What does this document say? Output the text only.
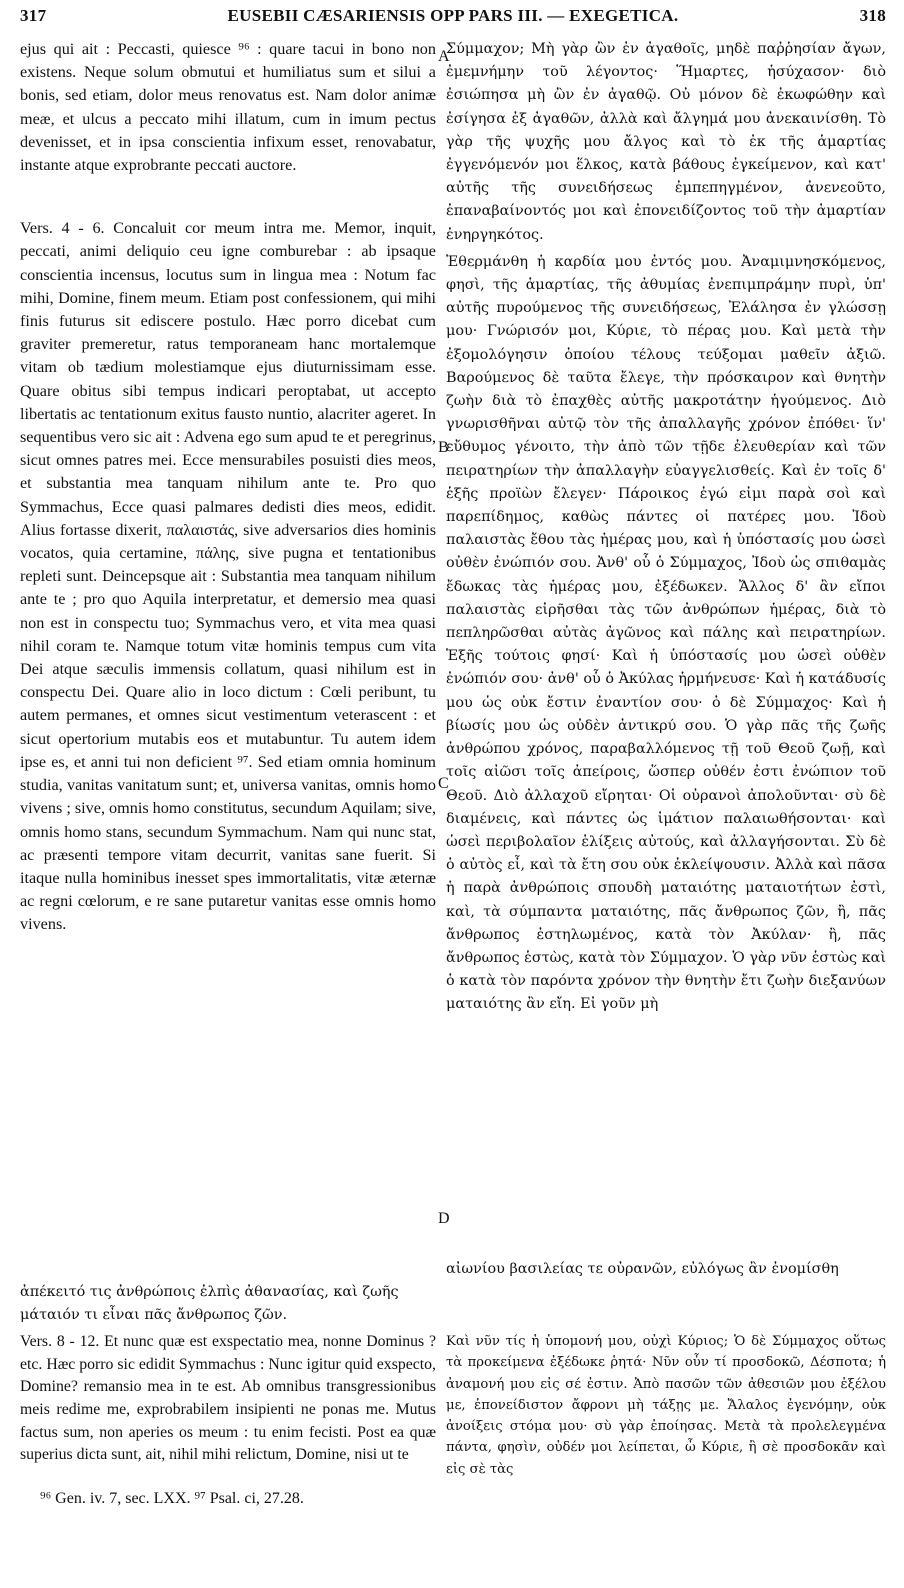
317	EUSEBII CÆSARIENSIS OPP PARS III. — EXEGETICA.	318

ejus qui ait : Peccasti, quiesce ⁹⁶ : quare tacui in bono non existens. Neque solum obmutui et humiliatus sum et silui a bonis, sed etiam, dolor meus renovatus est. Nam dolor animæ meæ, et ulcus a peccato mihi illatum, cum in imum pectus devenisset, et in ipsa conscientia infixum esset, renovabatur, instante atque exprobrante peccati auctore.

Vers. 4 - 6. Concaluit cor meum intra me. Memor, inquit, peccati, animi deliquio ceu igne comburebar : ab ipsaque conscientia incensus, locutus sum in lingua mea : Notum fac mihi, Domine, finem meum. Etiam post confessionem, qui mihi finis futurus sit ediscere postulo. Hæc porro dicebat cum graviter premeretur, ratus temporaneam hanc mortalemque vitam ob tædium molestiamque ejus diuturnissimam esse. Quare obitus sibi tempus indicari peroptabat, ut accepto libertatis ac tentationum exitus fausto nuntio, alacriter ageret. In sequentibus vero sic ait : Advena ego sum apud te et peregrinus, sicut omnes patres mei. Ecce mensurabiles posuisti dies meos, et substantia mea tanquam nihilum ante te. Pro quo Symmachus, Ecce quasi palmares dedisti dies meos, edidit. Alius fortasse dixerit, παλαιστάς, sive adversarios dies hominis vocatos, quia certamine, πάλης, sive pugna et tentationibus repleti sunt. Deincepsque ait : Substantia mea tanquam nihilum ante te ; pro quo Aquila interpretatur, et demersio mea quasi non est in conspectu tuo; Symmachus vero, et vita mea quasi nihil coram te. Namque totum vitæ hominis tempus cum vita Dei atque sæculis immensis collatum, quasi nihilum est in conspectu Dei. Quare alio in loco dictum : Cœli peribunt, tu autem permanes, et omnes sicut vestimentum veterascent : et sicut opertorium mutabis eos et mutabuntur. Tu autem idem ipse es, et anni tui non deficient ⁹⁷. Sed etiam omnia hominum studia, vanitas vanitatum sunt; et, universa vanitas, omnis homo vivens ; sive, omnis homo constitutus, secundum Aquilam; sive, omnis homo stans, secundum Symmachum. Nam qui nunc stat, ac præsenti tempore vitam decurrit, vanitas sane fuerit. Si itaque nulla hominibus inesset spes immortalitatis, vitæ æternæ ac regni cœlorum, e re sane putaretur vanitas esse omnis homo vivens.

Σύμμαχον; Μὴ γὰρ ὢν ἐν ἀγαθοῖς, μηδὲ παῤῥησίαν ἄγων, ἐμεμνήμην τοῦ λέγοντος· Ἥμαρτες, ἡσύχασον· διὸ ἐσιώπησα μὴ ὢν ἐν ἀγαθῷ. Οὐ μόνον δὲ ἐκωφώθην καὶ ἐσίγησα ἐξ ἀγαθῶν, ἀλλὰ καὶ ἄλγημά μου ἀνεκαινίσθη. Τὸ γὰρ τῆς ψυχῆς μου ἄλγος καὶ τὸ ἐκ τῆς ἁμαρτίας ἐγγενόμενόν μοι ἕλκος, κατὰ βάθους ἐγκείμενον, καὶ κατ' αὐτῆς τῆς συνειδήσεως ἐμπεπηγμένον, ἀνενεοῦτο, ἐπαναβαίνοντός μοι καὶ ἐπονειδίζοντος τοῦ τὴν ἁμαρτίαν ἐνηργηκότος.

Ἐθερμάνθη ἡ καρδία μου ἐντός μου. Ἀναμιμνησκόμενος, φησὶ, τῆς ἁμαρτίας, τῆς ἀθυμίας ἐνεπιμπράμην πυρὶ, ὑπ' αὐτῆς πυρούμενος τῆς συνειδήσεως, Ἐλάλησα ἐν γλώσσῃ μου· Γνώρισόν μοι, Κύριε, τὸ πέρας μου. Καὶ μετὰ τὴν ἐξομολόγησιν ὁποίου τέλους τεύξομαι μαθεῖν ἀξιῶ. Βαρούμενος δὲ ταῦτα ἔλεγε, τὴν πρόσκαιρον καὶ θνητὴν ζωὴν διὰ τὸ ἐπαχθὲς αὐτῆς μακροτάτην ἡγούμενος. Διὸ γνωρισθῆναι αὐτῷ τὸν τῆς ἀπαλλαγῆς χρόνον ἐπόθει· ἵν' εὔθυμος γένοιτο, τὴν ἀπὸ τῶν τῇδε ἐλευθερίαν καὶ τῶν πειρατηρίων τὴν ἀπαλλαγὴν εὐαγγελισθείς. Καὶ ἐν τοῖς δ' ἑξῆς προϊὼν ἔλεγεν· Πάροικος ἐγώ εἰμι παρὰ σοὶ καὶ παρεπίδημος, καθὼς πάντες οἱ πατέρες μου. Ἰδοὺ παλαιστὰς ἔθου τὰς ἡμέρας μου, καὶ ἡ ὑπόστασίς μου ὡσεὶ οὐθὲν ἐνώπιόν σου. Ἀνθ' οὗ ὁ Σύμμαχος, Ἰδοὺ ὡς σπιθαμὰς ἔδωκας τὰς ἡμέρας μου, ἐξέδωκεν. Ἄλλος δ' ἂν εἴποι παλαιστὰς εἰρῆσθαι τὰς τῶν ἀνθρώπων ἡμέρας, διὰ τὸ πεπληρῶσθαι αὐτὰς ἀγῶνος καὶ πάλης καὶ πειρατηρίων. Ἑξῆς τούτοις φησί· Καὶ ἡ ὑπόστασίς μου ὡσεὶ οὐθὲν ἐνώπιόν σου· ἀνθ' οὗ ὁ Ἀκύλας ἡρμήνευσε· Καὶ ἡ κατάδυσίς μου ὡς οὐκ ἔστιν ἐναντίον σου· ὁ δὲ Σύμμαχος· Καὶ ἡ βίωσίς μου ὡς οὐδὲν ἀντικρύ σου. Ὁ γὰρ πᾶς τῆς ζωῆς ἀνθρώπου χρόνος, παραβαλλόμενος τῇ τοῦ Θεοῦ ζωῇ, καὶ τοῖς αἰῶσι τοῖς ἀπείροις, ὥσπερ οὐθέν ἐστι ἐνώπιον τοῦ Θεοῦ. Διὸ ἀλλαχοῦ εἴρηται· Οἱ οὐρανοὶ ἀπολοῦνται· σὺ δὲ διαμένεις, καὶ πάντες ὡς ἱμάτιον παλαιωθήσονται· καὶ ὡσεὶ περιβολαῖον ἑλίξεις αὐτούς, καὶ ἀλλαγήσονται. Σὺ δὲ ὁ αὐτὸς εἶ, καὶ τὰ ἔτη σου οὐκ ἐκλείψουσιν. Ἀλλὰ καὶ πᾶσα ἡ παρὰ ἀνθρώποις σπουδὴ ματαιότης ματαιοτήτων ἐστὶ, καὶ, τὰ σύμπαντα ματαιότης, πᾶς ἄνθρωπος ζῶν, ἢ, πᾶς ἄνθρωπος ἐστηλωμένος, κατὰ τὸν Ἀκύλαν· ἢ, πᾶς ἄνθρωπος ἑστὼς, κατὰ τὸν Σύμμαχον. Ὁ γὰρ νῦν ἑστὼς καὶ ὁ κατὰ τὸν παρόντα χρόνον τὴν θνητὴν ἔτι ζωὴν διεξανύων ματαιότης ἂν εἴη. Εἰ γοῦν μὴ

αἰωνίου βασιλείας τε οὐρανῶν, εὐλόγως ἂν ἐνομίσθη
ἀπέκειτό τις ἀνθρώποις ἐλπὶς ἀθανασίας, καὶ ζωῆς
μάταιόν τι εἶναι πᾶς ἄνθρωπος ζῶν.

Vers. 8 - 12. Et nunc quæ est exspectatio mea, nonne Dominus ? etc. Hæc porro sic edidit Symmachus : Nunc igitur quid exspecto, Domine? remansio mea in te est. Ab omnibus transgressionibus meis redime me, exprobrabilem insipienti ne ponas me. Mutus factus sum, non aperies os meum : tu enim fecisti. Post ea quæ superius dicta sunt, ait, nihil mihi relictum, Domine, nisi ut te

Καὶ νῦν τίς ἡ ὑπομονή μου, οὐχὶ Κύριος; Ὁ δὲ Σύμμαχος οὕτως τὰ προκείμενα ἐξέδωκε ῥητά· Νῦν οὖν τί προσδοκῶ, Δέσποτα; ἡ ἀναμονή μου εἰς σέ ἐστιν. Ἀπὸ πασῶν τῶν ἀθεσιῶν μου ἐξέλου με, ἐπονείδιστον ἄφρονι μὴ τάξῃς με. Ἄλαλος ἐγενόμην, οὐκ ἀνοίξεις στόμα μου· σὺ γὰρ ἐποίησας. Μετὰ τὰ προλελεγμένα πάντα, φησὶν, οὐδέν μοι λείπεται, ὦ Κύριε, ἢ σὲ προσδοκᾶν καὶ εἰς σὲ τὰς

⁹⁶ Gen. iv. 7, sec. LXX. ⁹⁷ Psal. ci, 27.28.
A
B
C
D
